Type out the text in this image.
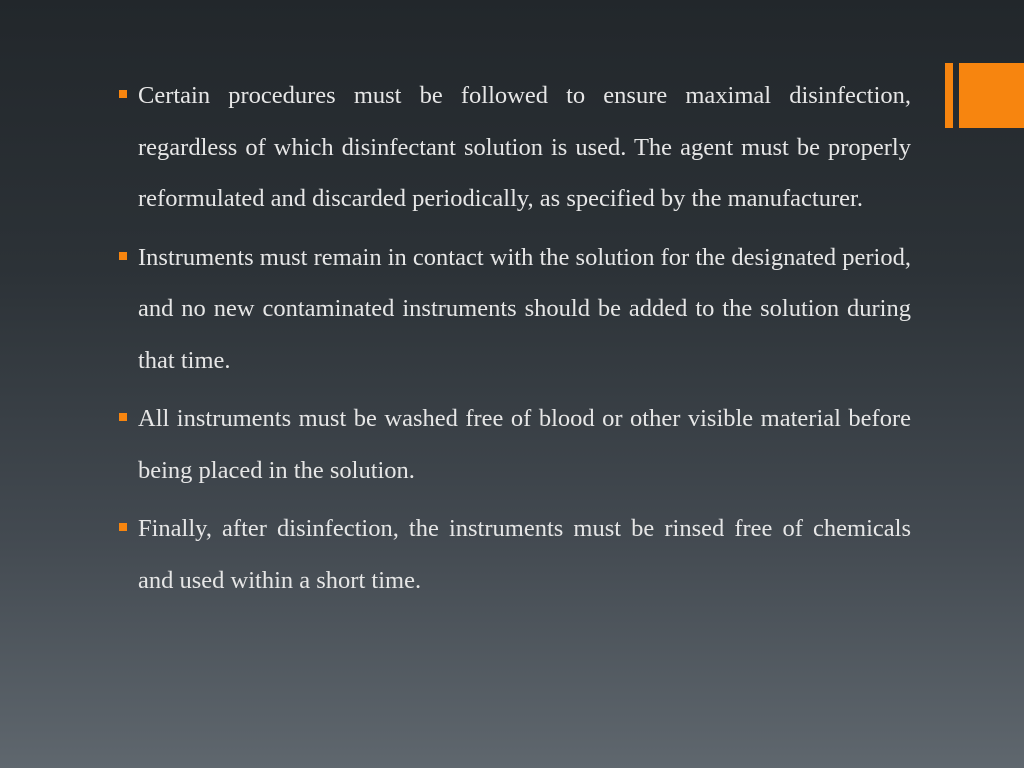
Certain procedures must be followed to ensure maximal disinfection, regardless of which disinfectant solution is used. The agent must be properly reformulated and discarded periodically, as specified by the manufacturer.

Instruments must remain in contact with the solution for the designated period, and no new contaminated instruments should be added to the solution during that time.

All instruments must be washed free of blood or other visible material before being placed in the solution.

Finally, after disinfection, the instruments must be rinsed free of chemicals and used within a short time.
